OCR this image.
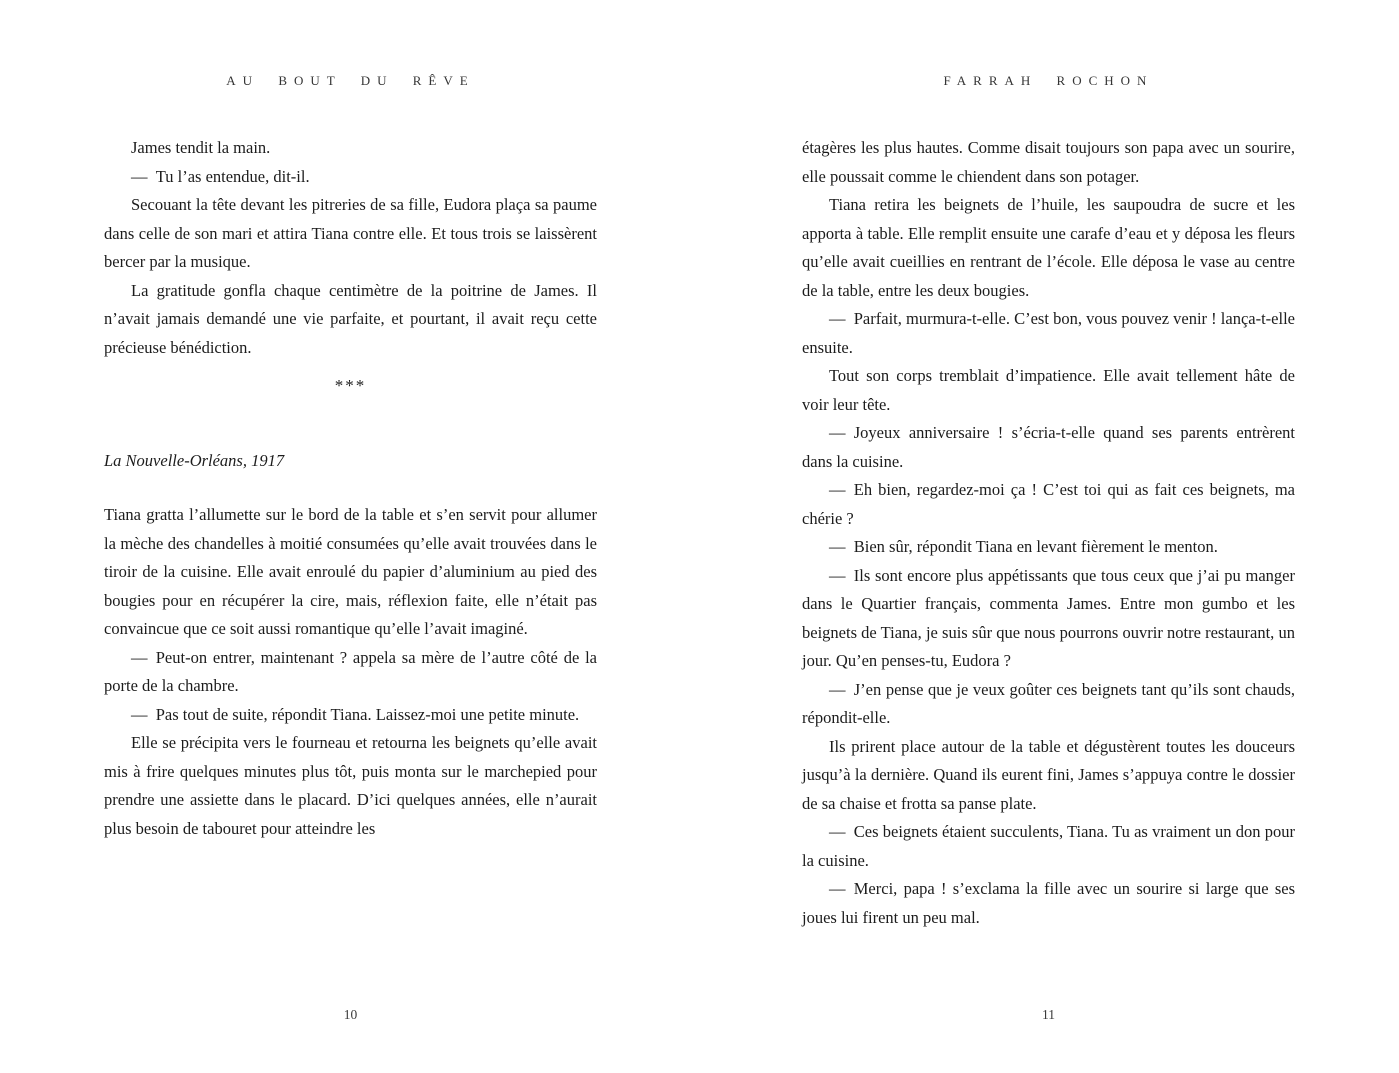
AU BOUT DU RÊVE

James tendit la main.

— Tu l’as entendue, dit-il.

Secouant la tête devant les pitreries de sa fille, Eudora plaça sa paume dans celle de son mari et attira Tiana contre elle. Et tous trois se laissèrent bercer par la musique.

La gratitude gonfla chaque centimètre de la poitrine de James. Il n’avait jamais demandé une vie parfaite, et pourtant, il avait reçu cette précieuse bénédiction.

***
La Nouvelle-Orléans, 1917

Tiana gratta l’allumette sur le bord de la table et s’en servit pour allumer la mèche des chandelles à moitié consumées qu’elle avait trouvées dans le tiroir de la cuisine. Elle avait enroulé du papier d’aluminium au pied des bougies pour en récupérer la cire, mais, réflexion faite, elle n’était pas convaincue que ce soit aussi romantique qu’elle l’avait imaginé.

— Peut-on entrer, maintenant ? appela sa mère de l’autre côté de la porte de la chambre.

— Pas tout de suite, répondit Tiana. Laissez-moi une petite minute.

Elle se précipita vers le fourneau et retourna les beignets qu’elle avait mis à frire quelques minutes plus tôt, puis monta sur le marchepied pour prendre une assiette dans le placard. D’ici quelques années, elle n’aurait plus besoin de tabouret pour atteindre les

10
FARRAH ROCHON

étagères les plus hautes. Comme disait toujours son papa avec un sourire, elle poussait comme le chiendent dans son potager.

Tiana retira les beignets de l’huile, les saupoudra de sucre et les apporta à table. Elle remplit ensuite une carafe d’eau et y déposa les fleurs qu’elle avait cueillies en rentrant de l’école. Elle déposa le vase au centre de la table, entre les deux bougies.

— Parfait, murmura-t-elle. C’est bon, vous pouvez venir ! lança-t-elle ensuite.

Tout son corps tremblait d’impatience. Elle avait tellement hâte de voir leur tête.

— Joyeux anniversaire ! s’écria-t-elle quand ses parents entrèrent dans la cuisine.

— Eh bien, regardez-moi ça ! C’est toi qui as fait ces beignets, ma chérie ?

— Bien sûr, répondit Tiana en levant fièrement le menton.

— Ils sont encore plus appétissants que tous ceux que j’ai pu manger dans le Quartier français, commenta James. Entre mon gumbo et les beignets de Tiana, je suis sûr que nous pourrons ouvrir notre restaurant, un jour. Qu’en penses-tu, Eudora ?

— J’en pense que je veux goûter ces beignets tant qu’ils sont chauds, répondit-elle.

Ils prirent place autour de la table et dégustèrent toutes les douceurs jusqu’à la dernière. Quand ils eurent fini, James s’appuya contre le dossier de sa chaise et frotta sa panse plate.

— Ces beignets étaient succulents, Tiana. Tu as vraiment un don pour la cuisine.

— Merci, papa ! s’exclama la fille avec un sourire si large que ses joues lui firent un peu mal.

11
